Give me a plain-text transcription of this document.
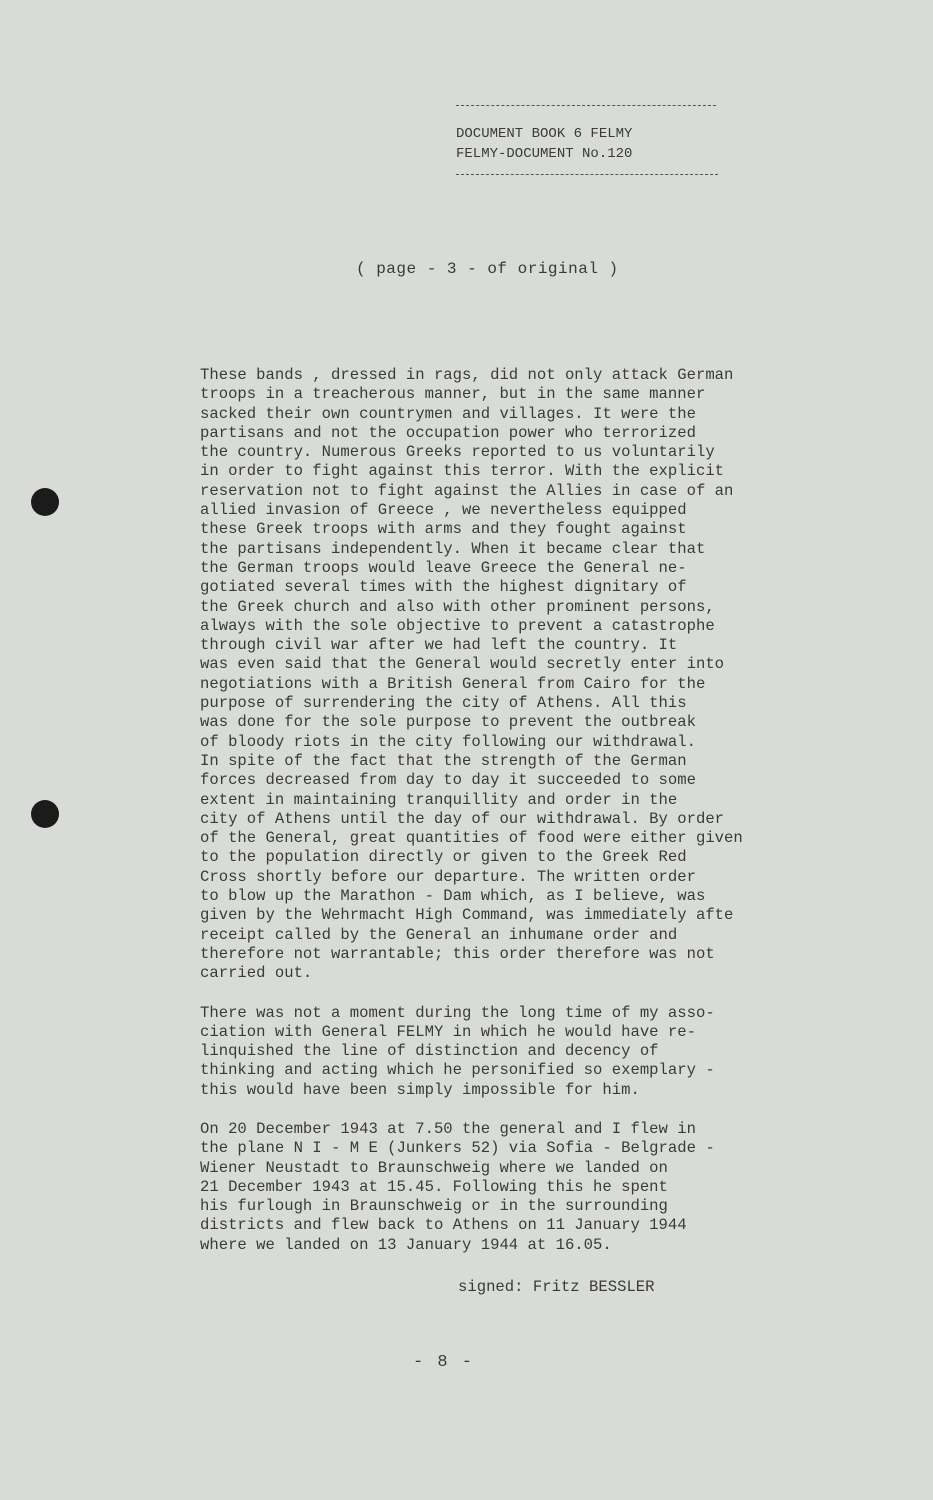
DOCUMENT BOOK 6 FELMY
FELMY-DOCUMENT No.120
( page - 3 - of original )

These bands , dressed in rags, did not only attack German

troops in a treacherous manner, but in the same manner

sacked their own countrymen and villages. It were the

partisans and not the occupation power who terrorized

the country. Numerous Greeks reported to us voluntarily

in order to fight against this terror. With the explicit

reservation not to fight against the Allies in case of an

allied invasion of Greece , we nevertheless equipped

these Greek troops with arms and they fought against

the partisans independently. When it became clear that

the German troops would leave Greece the General ne-

gotiated several times with the highest dignitary of

the Greek church and also with other prominent persons,

always with the sole objective to prevent a catastrophe

through civil war after we had left the country. It

was even said that the General would secretly enter into

negotiations with a British General from Cairo for the

purpose of surrendering the city of Athens. All this

was done for the sole purpose to prevent the outbreak

of bloody riots in the city following our withdrawal.

In spite of the fact that the strength of the German

forces decreased from day to day it succeeded to some

extent in maintaining tranquillity and order in the

city of Athens until the day of our withdrawal. By order

of the General, great quantities of food were either given

to the population directly or given to the Greek Red

Cross shortly before our departure. The written order

to blow up the Marathon - Dam which, as I believe, was

given by the Wehrmacht High Command, was immediately afte

receipt called by the General an inhumane order and

therefore not warrantable; this order therefore was not

carried out.

There was not a moment during the long time of my asso-

ciation with General FELMY in which he would have re-

linquished the line of distinction and decency of

thinking and acting which he personified so exemplary -

this would have been simply impossible for him.

On 20 December 1943 at 7.50 the general and I flew in

the plane N I - M E (Junkers 52) via Sofia - Belgrade -

Wiener Neustadt to Braunschweig where we landed on

21 December 1943 at 15.45. Following this he spent

his furlough in Braunschweig or in the surrounding

districts and flew back to Athens on 11 January 1944

where we landed on 13 January 1944 at 16.05.

signed: Fritz BESSLER
- 8 -
